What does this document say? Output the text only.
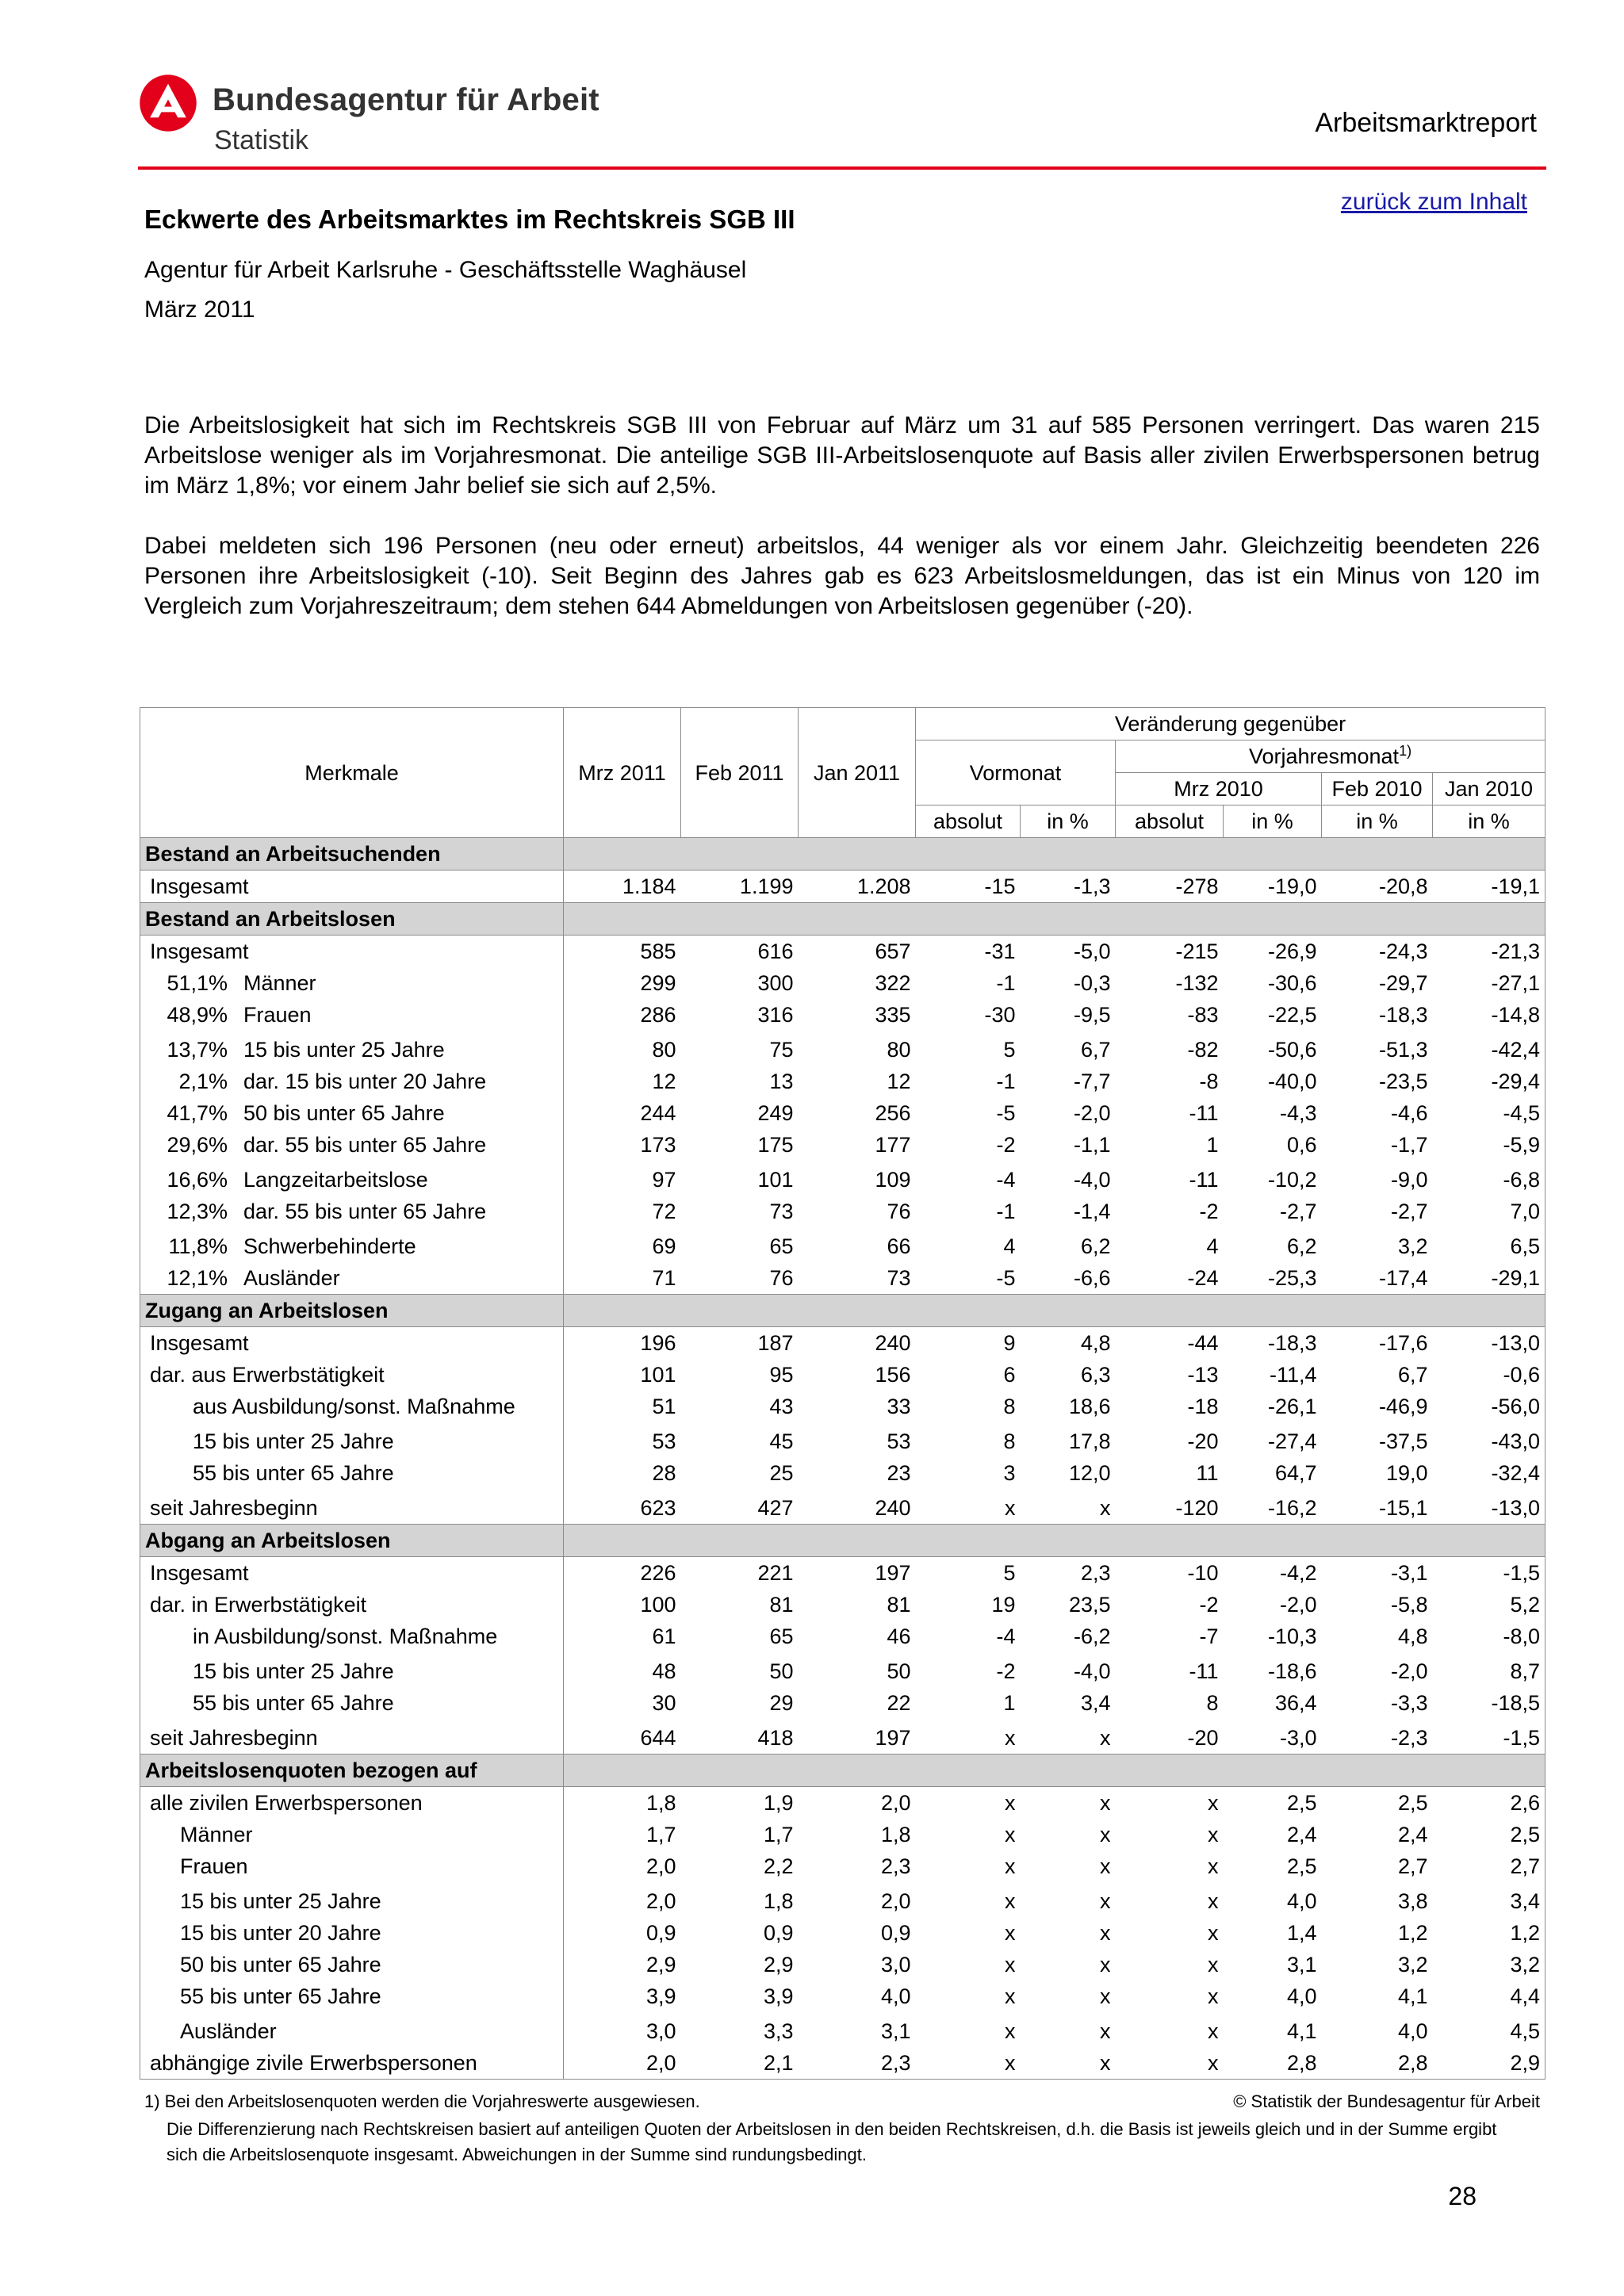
Bundesagentur für Arbeit
Statistik
Arbeitsmarktreport
zurück zum Inhalt
Eckwerte des Arbeitsmarktes im Rechtskreis SGB III
Agentur für Arbeit Karlsruhe - Geschäftsstelle Waghäusel
März 2011
Die Arbeitslosigkeit hat sich im Rechtskreis SGB III von Februar auf März um 31 auf 585 Personen verringert. Das waren 215 Arbeitslose weniger als im Vorjahresmonat. Die anteilige SGB III-Arbeitslosenquote auf Basis aller zivilen Erwerbspersonen betrug im März 1,8%; vor einem Jahr belief sie sich auf 2,5%.
Dabei meldeten sich 196 Personen (neu oder erneut) arbeitslos, 44 weniger als vor einem Jahr. Gleichzeitig beendeten 226 Personen ihre Arbeitslosigkeit (-10). Seit Beginn des Jahres gab es 623 Arbeitslosmeldungen, das ist ein Minus von 120 im Vergleich zum Vorjahreszeitraum; dem stehen 644 Abmeldungen von Arbeitslosen gegenüber (-20).
Merkmale	Mrz 2011	Feb 2011	Jan 2011	Veränderung gegenüber					
				Vormonat		Vorjahresmonat$^{1)}$
						Mrz 2010		Feb 2010	Jan 2010
				absolut	in %	absolut	in %	in %	in %
Bestand an Arbeitsuchenden									
Insgesamt	1.184	1.199	1.208	-15	-1,3	-278	-19,0	-20,8	-19,1
Bestand an Arbeitslosen									
Insgesamt	585	616	657	-31	-5,0	-215	-26,9	-24,3	-21,3
51,1% Männer	299	300	322	-1	-0,3	-132	-30,6	-29,7	-27,1
48,9% Frauen	286	316	335	-30	-9,5	-83	-22,5	-18,3	-14,8
13,7% 15 bis unter 25 Jahre	80	75	80	5	6,7	-82	-50,6	-51,3	-42,4
2,1% dar. 15 bis unter 20 Jahre	12	13	12	-1	-7,7	-8	-40,0	-23,5	-29,4
41,7% 50 bis unter 65 Jahre	244	249	256	-5	-2,0	-11	-4,3	-4,6	-4,5
29,6% dar. 55 bis unter 65 Jahre	173	175	177	-2	-1,1	1	0,6	-1,7	-5,9
16,6% Langzeitarbeitslose	97	101	109	-4	-4,0	-11	-10,2	-9,0	-6,8
12,3% dar. 55 bis unter 65 Jahre	72	73	76	-1	-1,4	-2	-2,7	-2,7	7,0
11,8% Schwerbehinderte	69	65	66	4	6,2	4	6,2	3,2	6,5
12,1% Ausländer	71	76	73	-5	-6,6	-24	-25,3	-17,4	-29,1
Zugang an Arbeitslosen									
Insgesamt	196	187	240	9	4,8	-44	-18,3	-17,6	-13,0
dar. aus Erwerbstätigkeit	101	95	156	6	6,3	-13	-11,4	6,7	-0,6
aus Ausbildung/sonst. Maßnahme	51	43	33	8	18,6	-18	-26,1	-46,9	-56,0
15 bis unter 25 Jahre	53	45	53	8	17,8	-20	-27,4	-37,5	-43,0
55 bis unter 65 Jahre	28	25	23	3	12,0	11	64,7	19,0	-32,4
seit Jahresbeginn	623	427	240	x	x	-120	-16,2	-15,1	-13,0
Abgang an Arbeitslosen									
Insgesamt	226	221	197	5	2,3	-10	-4,2	-3,1	-1,5
dar. in Erwerbstätigkeit	100	81	81	19	23,5	-2	-2,0	-5,8	5,2
in Ausbildung/sonst. Maßnahme	61	65	46	-4	-6,2	-7	-10,3	4,8	-8,0
15 bis unter 25 Jahre	48	50	50	-2	-4,0	-11	-18,6	-2,0	8,7
55 bis unter 65 Jahre	30	29	22	1	3,4	8	36,4	-3,3	-18,5
seit Jahresbeginn	644	418	197	x	x	-20	-3,0	-2,3	-1,5
Arbeitslosenquoten bezogen auf									
alle zivilen Erwerbspersonen	1,8	1,9	2,0	x	x	x	2,5	2,5	2,6
Männer	1,7	1,7	1,8	x	x	x	2,4	2,4	2,5
Frauen	2,0	2,2	2,3	x	x	x	2,5	2,7	2,7
15 bis unter 25 Jahre	2,0	1,8	2,0	x	x	x	4,0	3,8	3,4
15 bis unter 20 Jahre	0,9	0,9	0,9	x	x	x	1,4	1,2	1,2
50 bis unter 65 Jahre	2,9	2,9	3,0	x	x	x	3,1	3,2	3,2
55 bis unter 65 Jahre	3,9	3,9	4,0	x	x	x	4,0	4,1	4,4
Ausländer	3,0	3,3	3,1	x	x	x	4,1	4,0	4,5
abhängige zivile Erwerbspersonen	2,0	2,1	2,3	x	x	x	2,8	2,8	2,9
1) Bei den Arbeitslosenquoten werden die Vorjahreswerte ausgewiesen.	© Statistik der Bundesagentur für Arbeit
Die Differenzierung nach Rechtskreisen basiert auf anteiligen Quoten der Arbeitslosen in den beiden Rechtskreisen, d.h. die Basis ist jeweils gleich und in der Summe ergibt sich die Arbeitslosenquote insgesamt. Abweichungen in der Summe sind rundungsbedingt.
28
